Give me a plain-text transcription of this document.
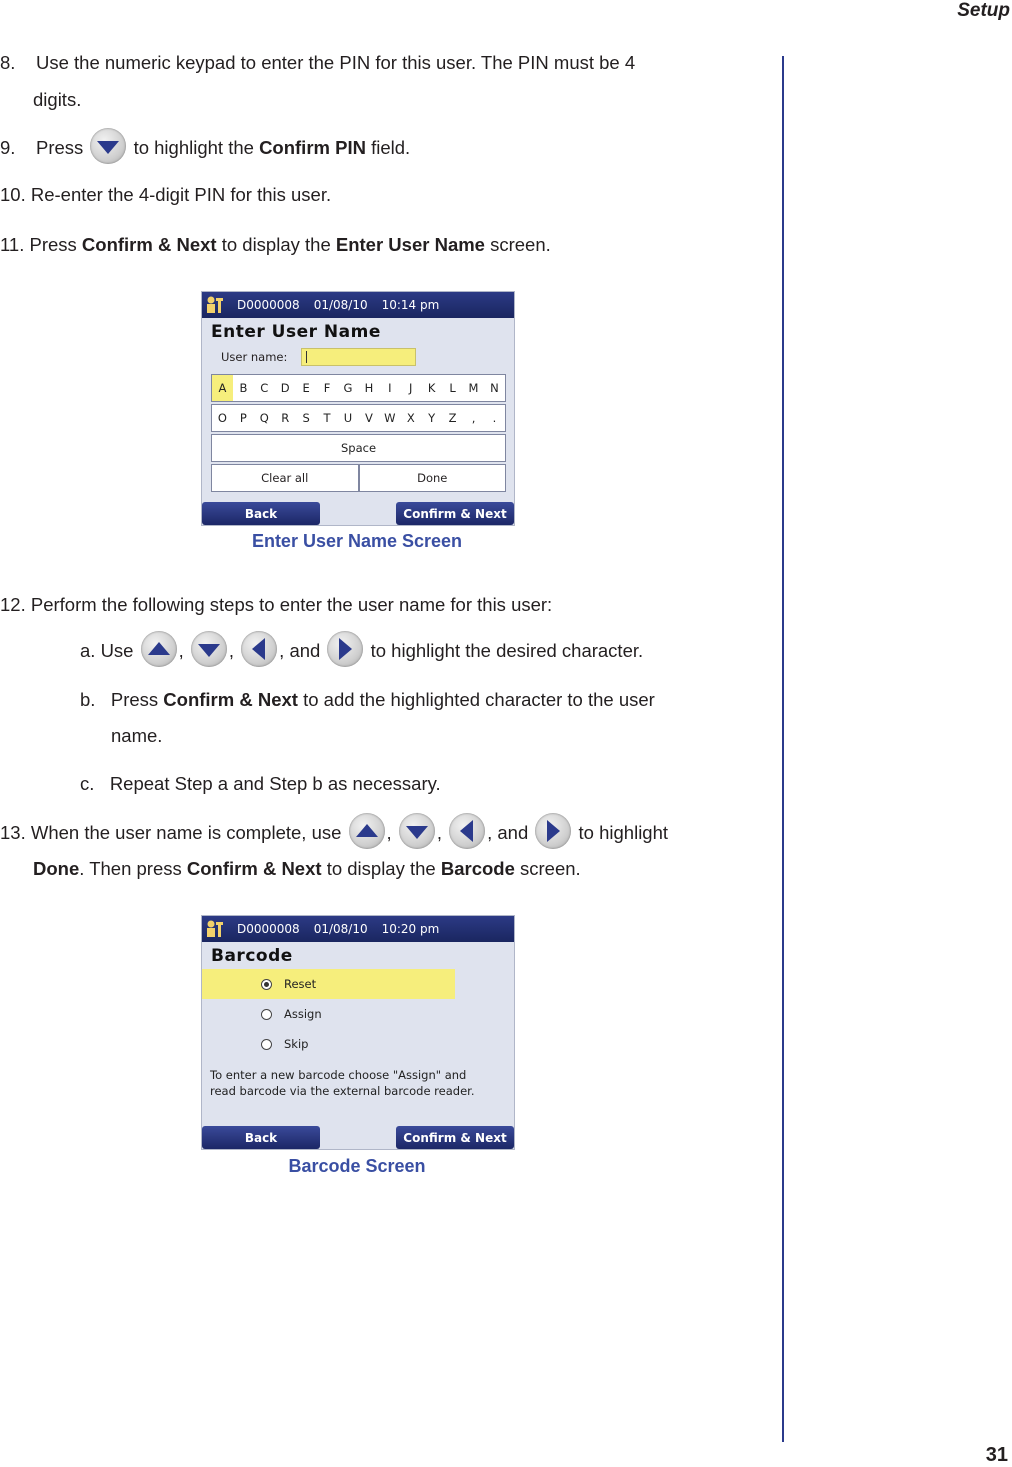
Setup
8. Use the numeric keypad to enter the PIN for this user. The PIN must be 4
digits.
9. Press	to highlight the Confirm PIN field.
10. Re-enter the 4-digit PIN for this user.
11. Press Confirm & Next to display the Enter User Name screen.
D0000008 01/08/10 10:14 pm
Enter User Name
User name:
A	B	C	D	E	F	G	H	I	J	K	L	M	N
O	P	Q	R	S	T	U	V W X	Y	Z	,	.
Space
Clear all	Done
Back	Confirm & Next
Enter User Name Screen
12. Perform the following steps to enter the user name for this user:
a. Use , , , and	to highlight the desired character.
b. Press Confirm & Next to add the highlighted character to the user
name.
c. Repeat Step a and Step b as necessary.
13. When the user name is complete, use , , , and	to highlight
Done. Then press Confirm & Next to display the Barcode screen.
D0000008 01/08/10 10:20 pm
Barcode
Reset
Assign
Skip
To enter a new barcode choose "Assign" and
read barcode via the external barcode reader.
Back	Confirm & Next
Barcode Screen
31
